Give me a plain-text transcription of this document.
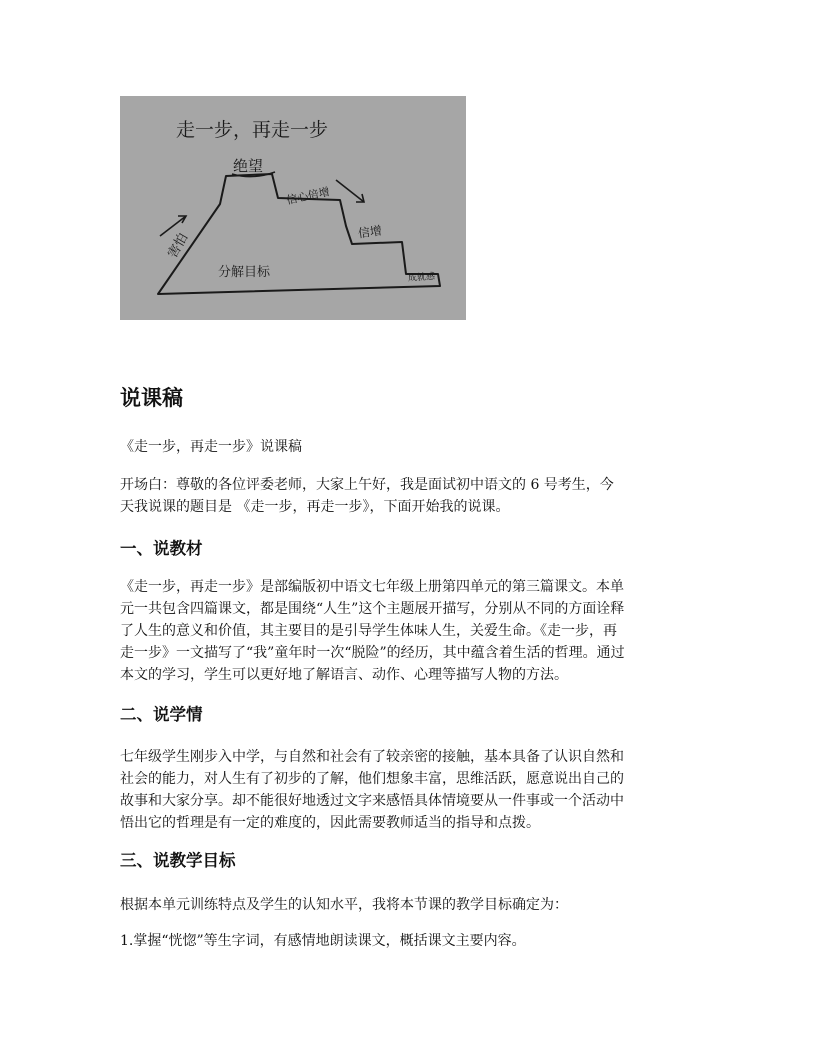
走一步，再走一步
绝望
害怕
信心倍增
信增
分解目标	成就感
说课稿

《走一步，再走一步》说课稿

开场白：尊敬的各位评委老师，大家上午好，我是面试初中语文的 6 号考生，今
天我说课的题目是 《走一步，再走一步》，下面开始我的说课。

一、说教材

《走一步，再走一步》是部编版初中语文七年级上册第四单元的第三篇课文。本单
元一共包含四篇课文，都是围绕“人生”这个主题展开描写，分别从不同的方面诠释
了人生的意义和价值，其主要目的是引导学生体味人生，关爱生命。《走一步，再
走一步》一文描写了“我”童年时一次“脱险”的经历，其中蕴含着生活的哲理。通过
本文的学习，学生可以更好地了解语言、动作、心理等描写人物的方法。

二、说学情

七年级学生刚步入中学，与自然和社会有了较亲密的接触，基本具备了认识自然和
社会的能力，对人生有了初步的了解，他们想象丰富，思维活跃，愿意说出自己的
故事和大家分享。却不能很好地透过文字来感悟具体情境要从一件事或一个活动中
悟出它的哲理是有一定的难度的，因此需要教师适当的指导和点拨。

三、说教学目标

根据本单元训练特点及学生的认知水平，我将本节课的教学目标确定为：

1.掌握“恍惚”等生字词，有感情地朗读课文，概括课文主要内容。
